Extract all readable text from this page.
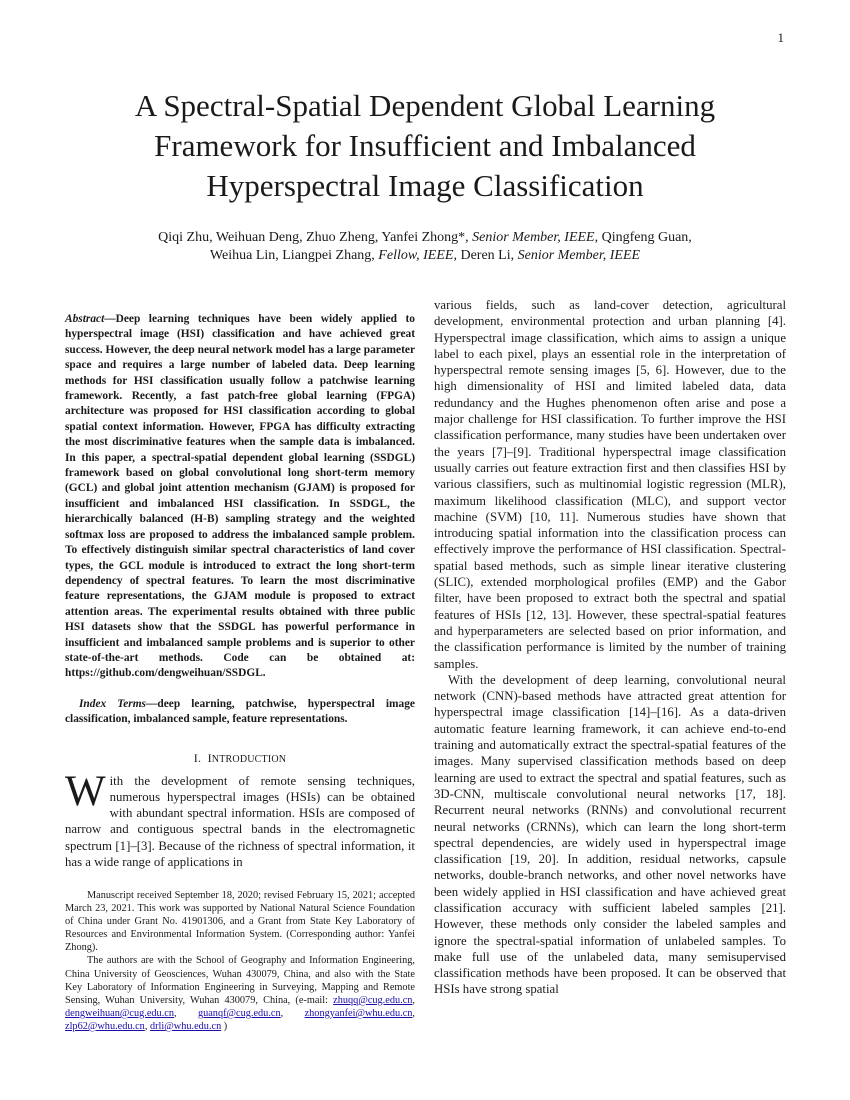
1
A Spectral-Spatial Dependent Global Learning Framework for Insufficient and Imbalanced Hyperspectral Image Classification
Qiqi Zhu, Weihuan Deng, Zhuo Zheng, Yanfei Zhong*, Senior Member, IEEE, Qingfeng Guan,
Weihua Lin, Liangpei Zhang, Fellow, IEEE, Deren Li, Senior Member, IEEE
Abstract—Deep learning techniques have been widely applied to hyperspectral image (HSI) classification and have achieved great success. However, the deep neural network model has a large parameter space and requires a large number of labeled data. Deep learning methods for HSI classification usually follow a patchwise learning framework. Recently, a fast patch-free global learning (FPGA) architecture was proposed for HSI classification according to global spatial context information. However, FPGA has difficulty extracting the most discriminative features when the sample data is imbalanced. In this paper, a spectral-spatial dependent global learning (SSDGL) framework based on global convolutional long short-term memory (GCL) and global joint attention mechanism (GJAM) is proposed for insufficient and imbalanced HSI classification. In SSDGL, the hierarchically balanced (H-B) sampling strategy and the weighted softmax loss are proposed to address the imbalanced sample problem. To effectively distinguish similar spectral characteristics of land cover types, the GCL module is introduced to extract the long short-term dependency of spectral features. To learn the most discriminative feature representations, the GJAM module is proposed to extract attention areas. The experimental results obtained with three public HSI datasets show that the SSDGL has powerful performance in insufficient and imbalanced sample problems and is superior to other state-of-the-art methods. Code can be obtained at: https://github.com/dengweihuan/SSDGL.
Index Terms—deep learning, patchwise, hyperspectral image classification, imbalanced sample, feature representations.
I. INTRODUCTION

With the development of remote sensing techniques, numerous hyperspectral images (HSIs) can be obtained with abundant spectral information. HSIs are composed of narrow and contiguous spectral bands in the electromagnetic spectrum [1]–[3]. Because of the richness of spectral information, it has a wide range of applications in

Manuscript received September 18, 2020; revised February 15, 2021; accepted March 23, 2021. This work was supported by National Natural Science Foundation of China under Grant No. 41901306, and a Grant from State Key Laboratory of Resources and Environmental Information System. (Corresponding author: Yanfei Zhong).

The authors are with the School of Geography and Information Engineering, China University of Geosciences, Wuhan 430079, China, and also with the State Key Laboratory of Information Engineering in Surveying, Mapping and Remote Sensing, Wuhan University, Wuhan 430079, China, (e-mail: zhuqq@cug.edu.cn, dengweihuan@cug.edu.cn, guanqf@cug.edu.cn, zhongyanfei@whu.edu.cn, zlp62@whu.edu.cn, drli@whu.edu.cn )

various fields, such as land-cover detection, agricultural development, environmental protection and urban planning [4]. Hyperspectral image classification, which aims to assign a unique label to each pixel, plays an essential role in the interpretation of hyperspectral remote sensing images [5, 6]. However, due to the high dimensionality of HSI and limited labeled data, data redundancy and the Hughes phenomenon often arise and pose a major challenge for HSI classification. To further improve the HSI classification performance, many studies have been undertaken over the years [7]–[9]. Traditional hyperspectral image classification usually carries out feature extraction first and then classifies HSI by various classifiers, such as multinomial logistic regression (MLR), maximum likelihood classification (MLC), and support vector machine (SVM) [10, 11]. Numerous studies have shown that introducing spatial information into the classification process can effectively improve the performance of HSI classification. Spectral-spatial based methods, such as simple linear iterative clustering (SLIC), extended morphological profiles (EMP) and the Gabor filter, have been proposed to extract both the spectral and spatial features of HSIs [12, 13]. However, these spectral-spatial features and hyperparameters are selected based on prior information, and the classification performance is limited by the number of training samples.

With the development of deep learning, convolutional neural network (CNN)-based methods have attracted great attention for hyperspectral image classification [14]–[16]. As a data-driven automatic feature learning framework, it can achieve end-to-end training and automatically extract the spectral-spatial features of the images. Many supervised classification methods based on deep learning are used to extract the spectral and spatial features, such as 3D-CNN, multiscale convolutional neural networks [17, 18]. Recurrent neural networks (RNNs) and convolutional recurrent neural networks (CRNNs), which can learn the long short-term spectral dependencies, are widely used in hyperspectral image classification [19, 20]. In addition, residual networks, capsule networks, double-branch networks, and other novel networks have been widely applied in HSI classification and have achieved great classification accuracy with sufficient labeled samples [21]. However, these methods only consider the labeled samples and ignore the spectral-spatial information of unlabeled samples. To make full use of the unlabeled data, many semisupervised classification methods have been proposed. It can be observed that HSIs have strong spatial
